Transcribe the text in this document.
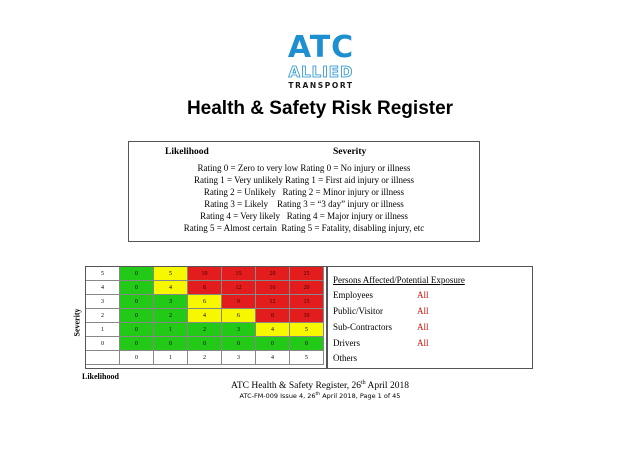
ATC
ALLIED
TRANSPORT
Health & Safety Risk Register
Likelihood	Severity
Rating 0 = Zero to very low Rating 0 = No injury or illness
Rating 1 = Very unlikely Rating 1 = First aid injury or illness
Rating 2 = Unlikely   Rating 2 = Minor injury or illness
Rating 3 = Likely    Rating 3 = “3 day” injury or illness
Rating 4 = Very likely   Rating 4 = Major injury or illness
Rating 5 = Almost certain  Rating 5 = Fatality, disabling injury, etc
Severity
5	0	5	10	15	20	25
4	0	4	8	12	16	20
3	0	3	6	9	12	15
2	0	2	4	6	8	10
1	0	1	2	3	4	5
0	0	0	0	0	0	0
	0	1	2	3	4	5
Likelihood
Persons Affected/Potential Exposure
Employees	All
Public/Visitor	All
Sub-Contractors	All
Drivers	All
Others
ATC Health & Safety Register, 26th April 2018
ATC-FM-009 Issue 4, 26th April 2018, Page 1 of 45
